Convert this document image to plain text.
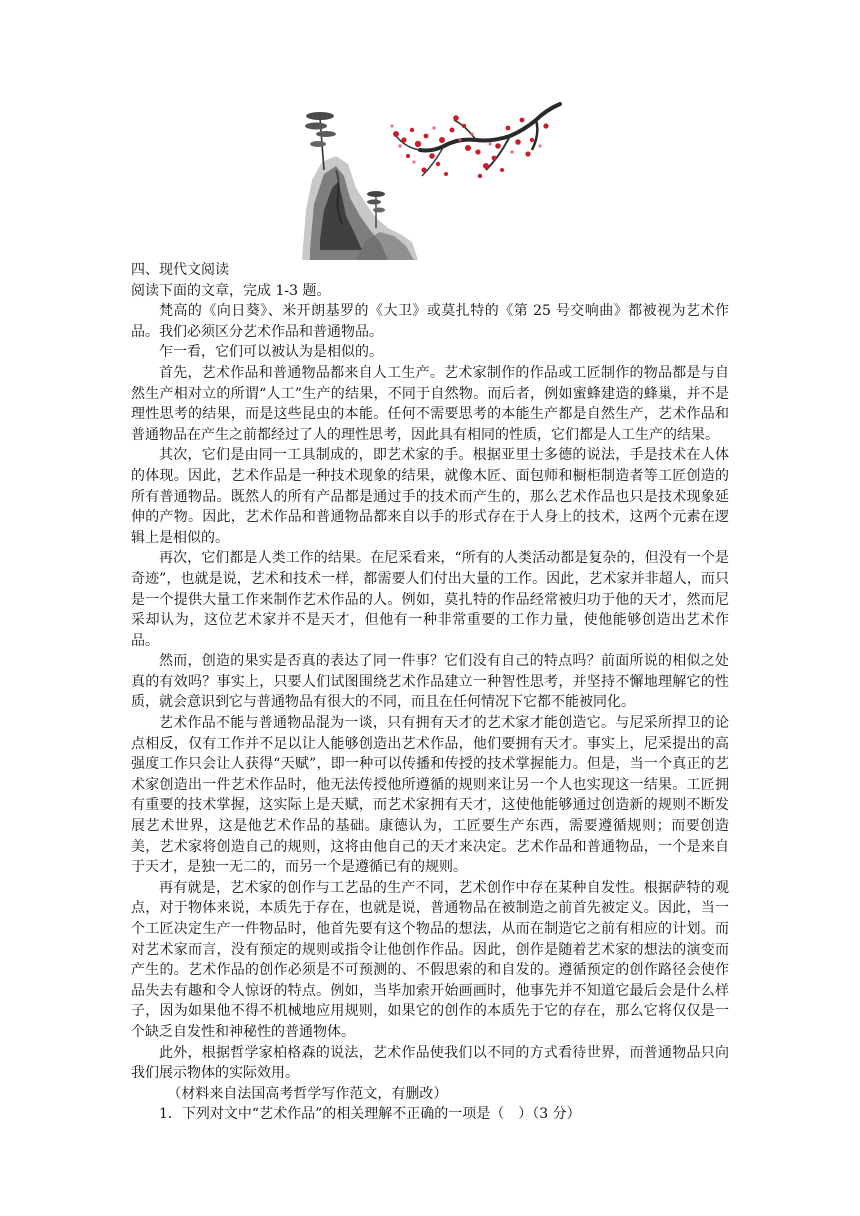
四、现代文阅读

阅读下面的文章，完成 1-3 题。

梵高的《向日葵》、米开朗基罗的《大卫》或莫扎特的《第 25 号交响曲》都被视为艺术作品。我们必须区分艺术作品和普通物品。

乍一看，它们可以被认为是相似的。

首先，艺术作品和普通物品都来自人工生产。艺术家制作的作品或工匠制作的物品都是与自然生产相对立的所谓“人工”生产的结果，不同于自然物。而后者，例如蜜蜂建造的蜂巢，并不是理性思考的结果，而是这些昆虫的本能。任何不需要思考的本能生产都是自然生产，艺术作品和普通物品在产生之前都经过了人的理性思考，因此具有相同的性质，它们都是人工生产的结果。

其次，它们是由同一工具制成的，即艺术家的手。根据亚里士多德的说法，手是技术在人体的体现。因此，艺术作品是一种技术现象的结果，就像木匠、面包师和橱柜制造者等工匠创造的所有普通物品。既然人的所有产品都是通过手的技术而产生的，那么艺术作品也只是技术现象延伸的产物。因此，艺术作品和普通物品都来自以手的形式存在于人身上的技术，这两个元素在逻辑上是相似的。

再次，它们都是人类工作的结果。在尼采看来，“所有的人类活动都是复杂的，但没有一个是奇迹”，也就是说，艺术和技术一样，都需要人们付出大量的工作。因此，艺术家并非超人，而只是一个提供大量工作来制作艺术作品的人。例如，莫扎特的作品经常被归功于他的天才，然而尼采却认为，这位艺术家并不是天才，但他有一种非常重要的工作力量，使他能够创造出艺术作品。

然而，创造的果实是否真的表达了同一件事？它们没有自己的特点吗？前面所说的相似之处真的有效吗？事实上，只要人们试图围绕艺术作品建立一种智性思考，并坚持不懈地理解它的性质，就会意识到它与普通物品有很大的不同，而且在任何情况下它都不能被同化。

艺术作品不能与普通物品混为一谈，只有拥有天才的艺术家才能创造它。与尼采所捍卫的论点相反，仅有工作并不足以让人能够创造出艺术作品，他们要拥有天才。事实上，尼采提出的高强度工作只会让人获得“天赋”，即一种可以传播和传授的技术掌握能力。但是，当一个真正的艺术家创造出一件艺术作品时，他无法传授他所遵循的规则来让另一个人也实现这一结果。工匠拥有重要的技术掌握，这实际上是天赋，而艺术家拥有天才，这使他能够通过创造新的规则不断发展艺术世界，这是他艺术作品的基础。康德认为，工匠要生产东西，需要遵循规则；而要创造美，艺术家将创造自己的规则，这将由他自己的天才来决定。艺术作品和普通物品，一个是来自于天才，是独一无二的，而另一个是遵循已有的规则。

再有就是，艺术家的创作与工艺品的生产不同，艺术创作中存在某种自发性。根据萨特的观点，对于物体来说，本质先于存在，也就是说，普通物品在被制造之前首先被定义。因此，当一个工匠决定生产一件物品时，他首先要有这个物品的想法，从而在制造它之前有相应的计划。而对艺术家而言，没有预定的规则或指令让他创作作品。因此，创作是随着艺术家的想法的演变而产生的。艺术作品的创作必须是不可预测的、不假思索的和自发的。遵循预定的创作路径会使作品失去有趣和令人惊讶的特点。例如，当毕加索开始画画时，他事先并不知道它最后会是什么样子，因为如果他不得不机械地应用规则，如果它的创作的本质先于它的存在，那么它将仅仅是一个缺乏自发性和神秘性的普通物体。

此外，根据哲学家柏格森的说法，艺术作品使我们以不同的方式看待世界，而普通物品只向我们展示物体的实际效用。

（材料来自法国高考哲学写作范文，有删改）

1．下列对文中“艺术作品”的相关理解不正确的一项是（　）（3 分）
